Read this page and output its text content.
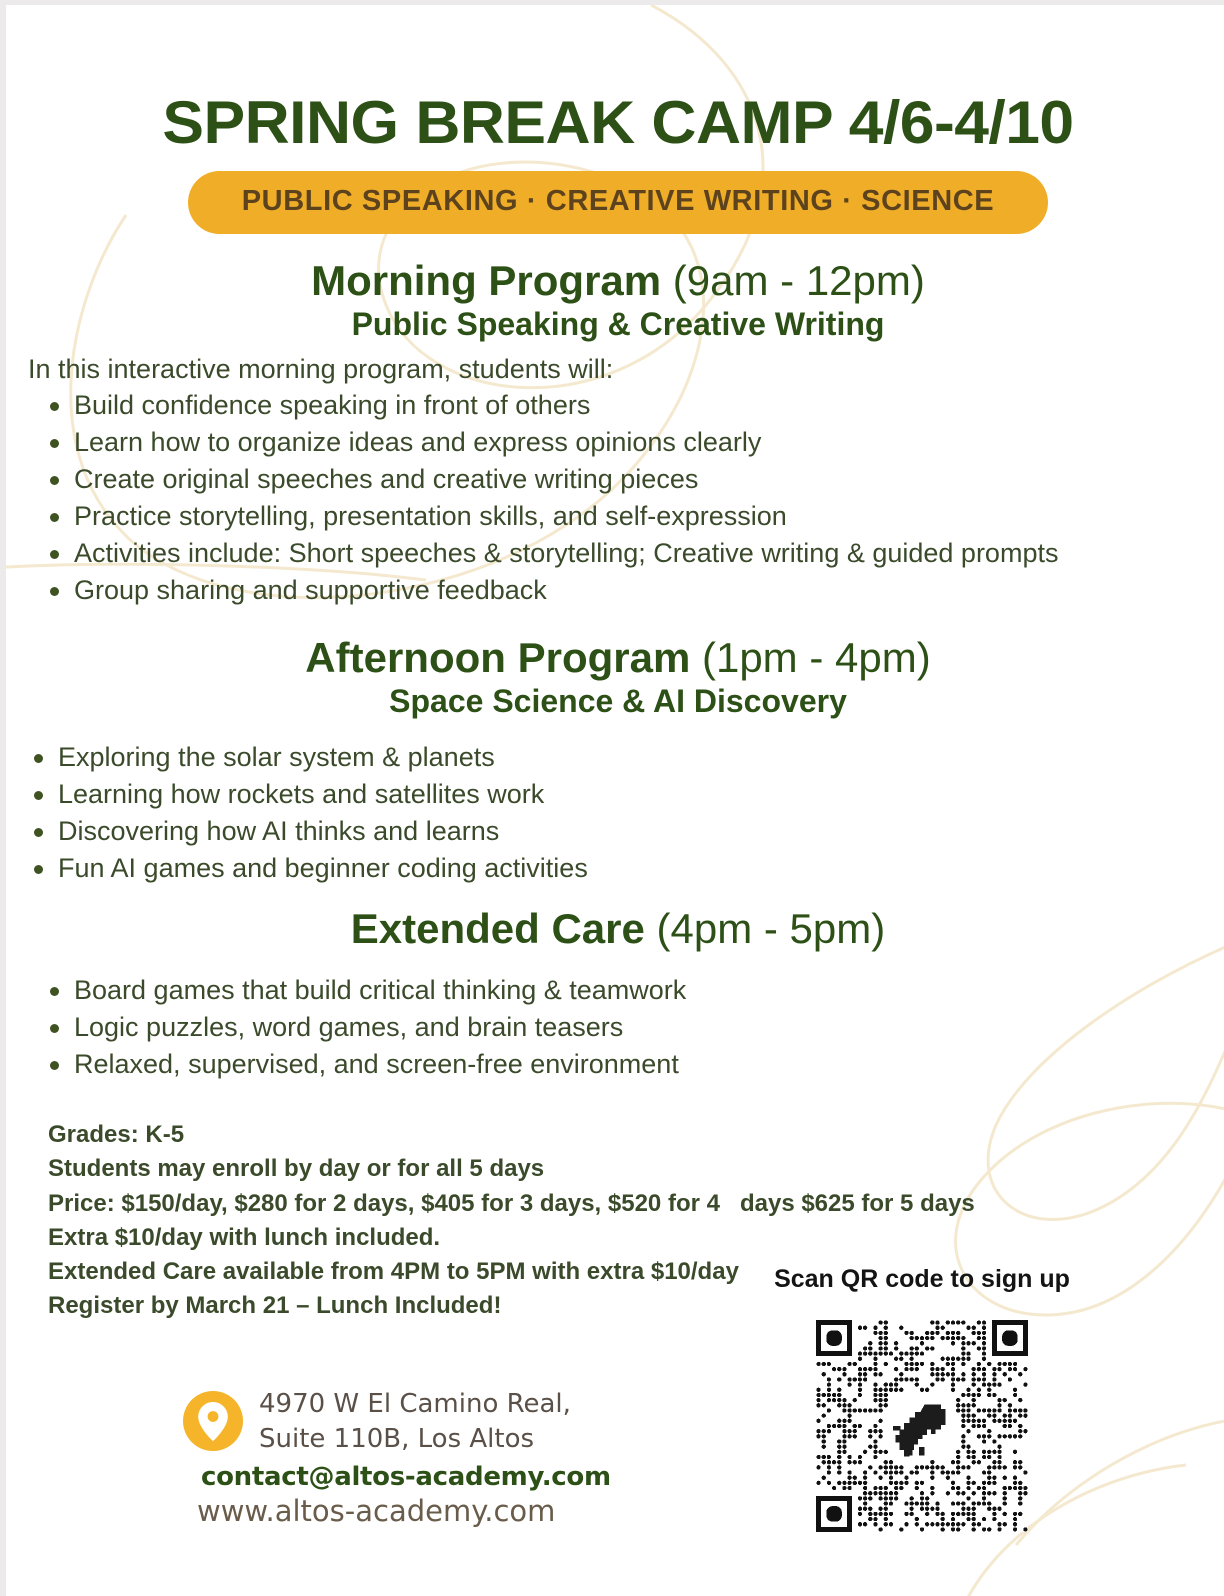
SPRING BREAK CAMP 4/6-4/10
PUBLIC SPEAKING · CREATIVE WRITING · SCIENCE
Morning Program (9am - 12pm)
Public Speaking & Creative Writing

In this interactive morning program, students will:

Build confidence speaking in front of others
Learn how to organize ideas and express opinions clearly
Create original speeches and creative writing pieces
Practice storytelling, presentation skills, and self-expression
Activities include: Short speeches & storytelling; Creative writing & guided prompts
Group sharing and supportive feedback
Afternoon Program (1pm - 4pm)
Space Science & AI Discovery
Exploring the solar system & planets
Learning how rockets and satellites work
Discovering how AI thinks and learns
Fun AI games and beginner coding activities
Extended Care (4pm - 5pm)
Board games that build critical thinking & teamwork
Logic puzzles, word games, and brain teasers
Relaxed, supervised, and screen-free environment
Grades: K-5
Students may enroll by day or for all 5 days
Price: $150/day, $280 for 2 days, $405 for 3 days, $520 for 4   days $625 for 5 days
Extra $10/day with lunch included.
Extended Care available from 4PM to 5PM with extra $10/day
Register by March 21 – Lunch Included!

Scan QR code to sign up

4970 W El Camino Real,
Suite 110B, Los Altos
contact@altos-academy.com
www.altos-academy.com
